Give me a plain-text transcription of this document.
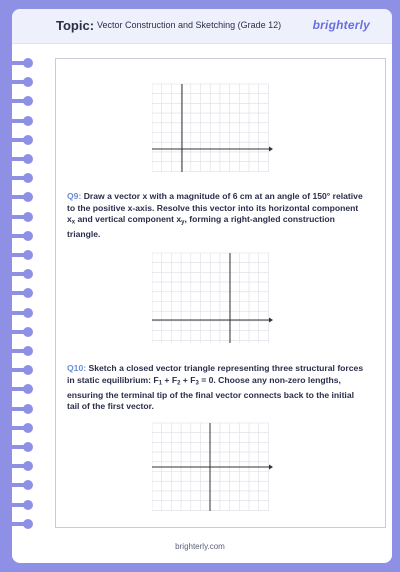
Topic: Vector Construction and Sketching (Grade 12)	brighterly
Q9: Draw a vector x with a magnitude of 6 cm at an angle of 150° relative to the positive x-axis. Resolve this vector into its horizontal component $x_x$ and vertical component $x_y$, forming a right-angled construction triangle.
Q10: Sketch a closed vector triangle representing three structural forces in static equilibrium: $F_1 + F_2 + F_3 = 0$. Choose any non-zero lengths, ensuring the terminal tip of the final vector connects back to the initial tail of the first vector.
brighterly.com
